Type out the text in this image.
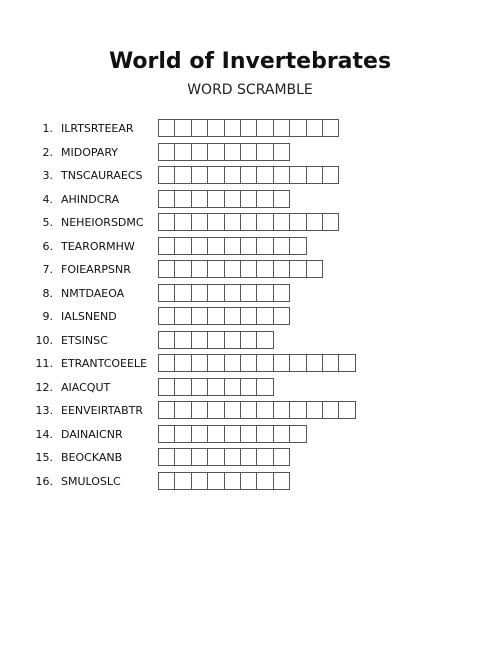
World of Invertebrates
WORD SCRAMBLE
1. ILRTSRTEEAR
2. MIDOPARY
3. TNSCAURAECS
4. AHINDCRA
5. NEHEIORSDMC
6. TEARORMHW
7. FOIEARPSNR
8. NMTDAEOA
9. IALSNEND
10. ETSINSC
11. ETRANTCOEELE
12. AIACQUT
13. EENVEIRTABTR
14. DAINAICNR
15. BEOCKANB
16. SMULOSLC
